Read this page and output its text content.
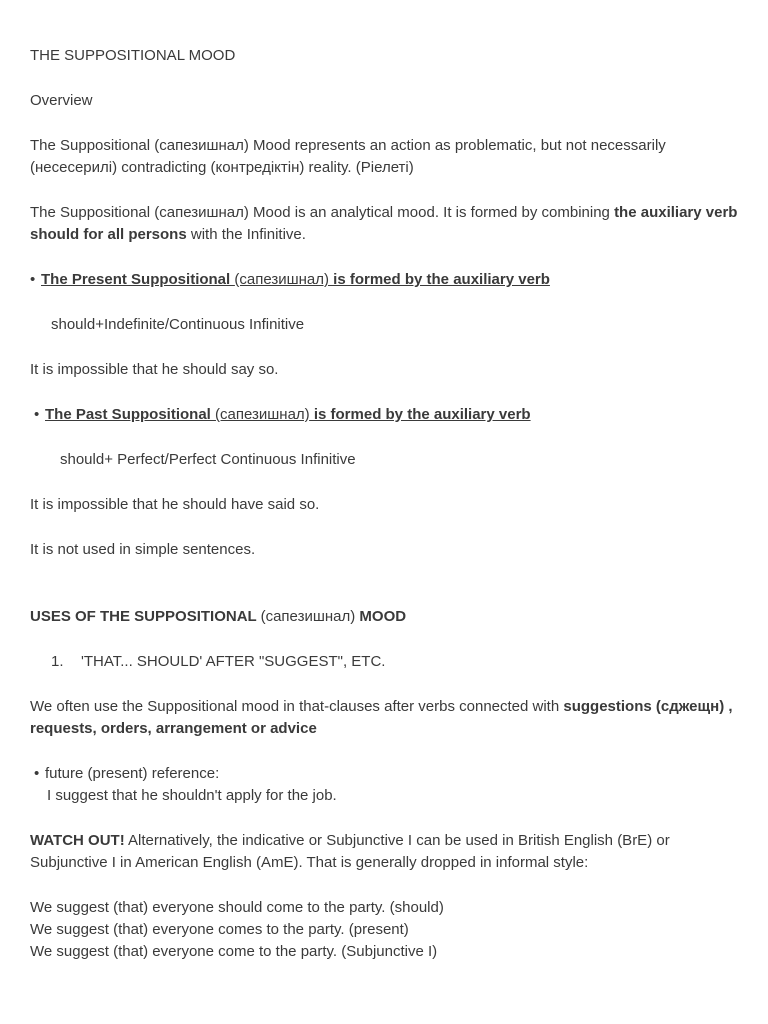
THE SUPPOSITIONAL MOOD

Overview

The Suppositional (сапезишнал) Mood represents an action as problematic, but not necessarily (несесерилі) contradicting (контредіктін) reality. (Pіелеті)

The Suppositional (сапезишнал) Mood is an analytical mood. It is formed by combining the auxiliary verb should for all persons with the Infinitive.

• The Present Suppositional (сапезишнал) is formed by the auxiliary verb

should+Indefinite/Continuous Infinitive

It is impossible that he should say so.

• The Past Suppositional (сапезишнал) is formed by the auxiliary verb

should+ Perfect/Perfect Continuous Infinitive

It is impossible that he should have said so.

It is not used in simple sentences.

USES OF THE SUPPOSITIONAL (сапезишнал) MOOD

1. 'THAT... SHOULD' AFTER "SUGGEST", ETC.

We often use the Suppositional mood in that-clauses after verbs connected with suggestions (сджещн) , requests, orders, arrangement or advice

• future (present) reference:

I suggest that he shouldn't apply for the job.

WATCH OUT! Alternatively, the indicative or Subjunctive I can be used in British English (BrE) or Subjunctive I in American English (AmE). That is generally dropped in informal style:

We suggest (that) everyone should come to the party. (should)

We suggest (that) everyone comes to the party. (present)

We suggest (that) everyone come to the party. (Subjunctive I)
